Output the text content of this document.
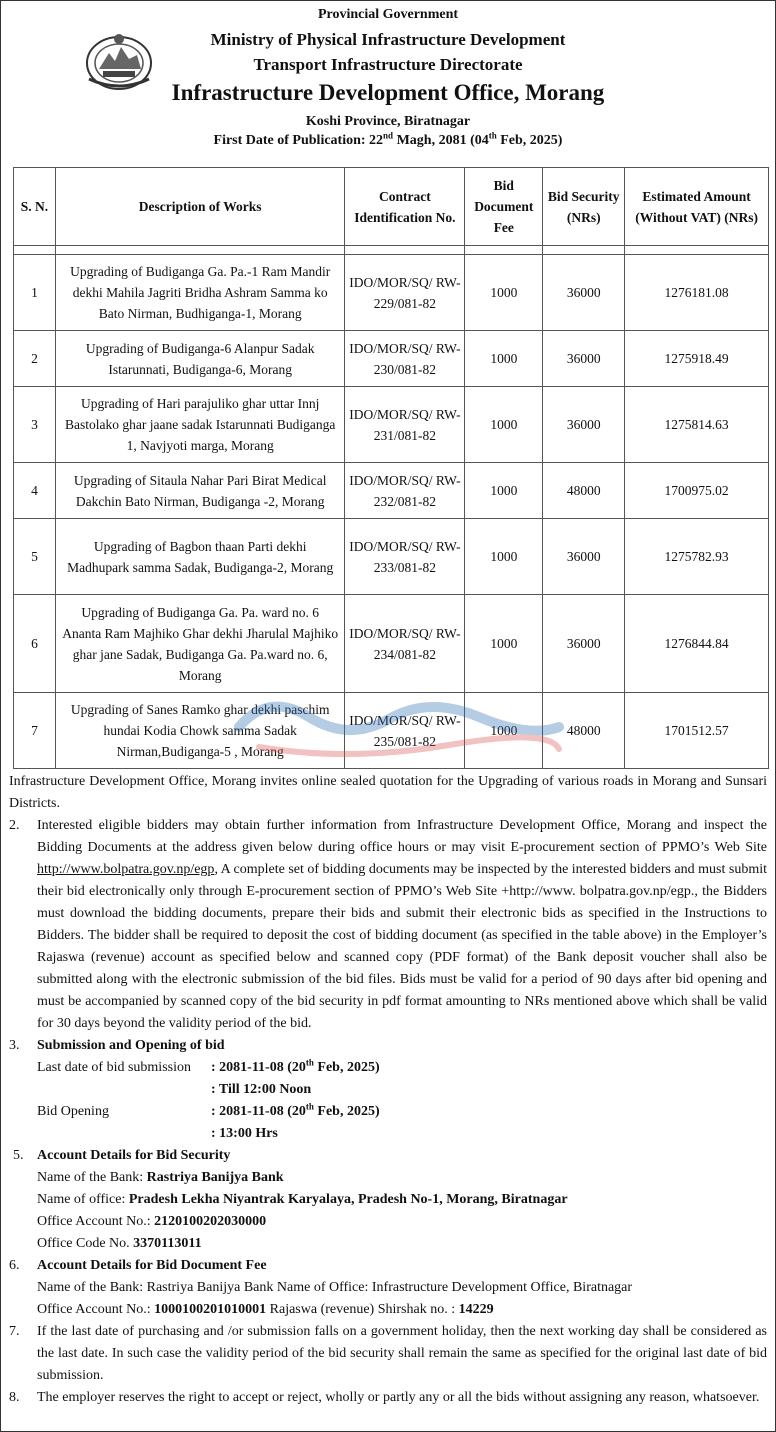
Provincial Government
Ministry of Physical Infrastructure Development
Transport Infrastructure Directorate
Infrastructure Development Office, Morang
Koshi Province, Biratnagar
First Date of Publication: 22nd Magh, 2081 (04th Feb, 2025)
S. N.	Description of Works	Contract Identification No.	Bid Document Fee	Bid Security (NRs)	Estimated Amount (Without VAT) (NRs)

1	Upgrading of Budiganga Ga. Pa.-1 Ram Mandir dekhi Mahila Jagriti Bridha Ashram Samma ko Bato Nirman, Budhiganga-1, Morang	IDO/MOR/SQ/ RW-229/081-82	1000	36000	1276181.08
2	Upgrading of Budiganga-6 Alanpur Sadak Istarunnati, Budiganga-6, Morang	IDO/MOR/SQ/ RW-230/081-82	1000	36000	1275918.49
3	Upgrading of Hari parajuliko ghar uttar Innj Bastolako ghar jaane sadak Istarunnati Budiganga 1, Navjyoti marga, Morang	IDO/MOR/SQ/ RW-231/081-82	1000	36000	1275814.63
4	Upgrading of Sitaula Nahar Pari Birat Medical Dakchin Bato Nirman, Budiganga -2, Morang	IDO/MOR/SQ/ RW-232/081-82	1000	48000	1700975.02
5	Upgrading of Bagbon thaan Parti dekhi Madhupark samma Sadak, Budiganga-2, Morang	IDO/MOR/SQ/ RW-233/081-82	1000	36000	1275782.93
6	Upgrading of Budiganga Ga. Pa. ward no. 6 Ananta Ram Majhiko Ghar dekhi Jharulal Majhiko ghar jane Sadak, Budiganga Ga. Pa.ward no. 6, Morang	IDO/MOR/SQ/ RW-234/081-82	1000	36000	1276844.84
7	Upgrading of Sanes Ramko ghar dekhi paschim hundai Kodia Chowk samma Sadak Nirman,Budiganga-5 , Morang	IDO/MOR/SQ/ RW-235/081-82	1000	48000	1701512.57

Infrastructure Development Office, Morang invites online sealed quotation for the Upgrading of various roads in Morang and Sunsari Districts.

2.	Interested eligible bidders may obtain further information from Infrastructure Development Office, Morang and inspect the Bidding Documents at the address given below during office hours or may visit E-procurement section of PPMO’s Web Site http://www.bolpatra.gov.np/egp, A complete set of bidding documents may be inspected by the interested bidders and must submit their bid electronically only through E-procurement section of PPMO’s Web Site +http://www. bolpatra.gov.np/egp., the Bidders must download the bidding documents, prepare their bids and submit their electronic bids as specified in the Instructions to Bidders. The bidder shall be required to deposit the cost of bidding document (as specified in the table above) in the Employer’s Rajaswa (revenue) account as specified below and scanned copy (PDF format) of the Bank deposit voucher shall also be submitted along with the electronic submission of the bid files. Bids must be valid for a period of 90 days after bid opening and must be accompanied by scanned copy of the bid security in pdf format amounting to NRs mentioned above which shall be valid for 30 days beyond the validity period of the bid.
3.	Submission and Opening of bid
Last date of bid submission	: 2081-11-08 (20th Feb, 2025)
: Till 12:00 Noon
Bid Opening	: 2081-11-08 (20th Feb, 2025)
: 13:00 Hrs
5. Account Details for Bid Security
Name of the Bank: Rastriya Banijya Bank
Name of office: Pradesh Lekha Niyantrak Karyalaya, Pradesh No-1, Morang, Biratnagar
Office Account No.: 2120100202030000
Office Code No. 3370113011
6.	Account Details for Bid Document Fee
Name of the Bank: Rastriya Banijya Bank Name of Office: Infrastructure Development Office, Biratnagar
Office Account No.: 1000100201010001 Rajaswa (revenue) Shirshak no. : 14229
7.	If the last date of purchasing and /or submission falls on a government holiday, then the next working day shall be considered as the last date. In such case the validity period of the bid security shall remain the same as specified for the original last date of bid submission.
8.	The employer reserves the right to accept or reject, wholly or partly any or all the bids without assigning any reason, whatsoever.
